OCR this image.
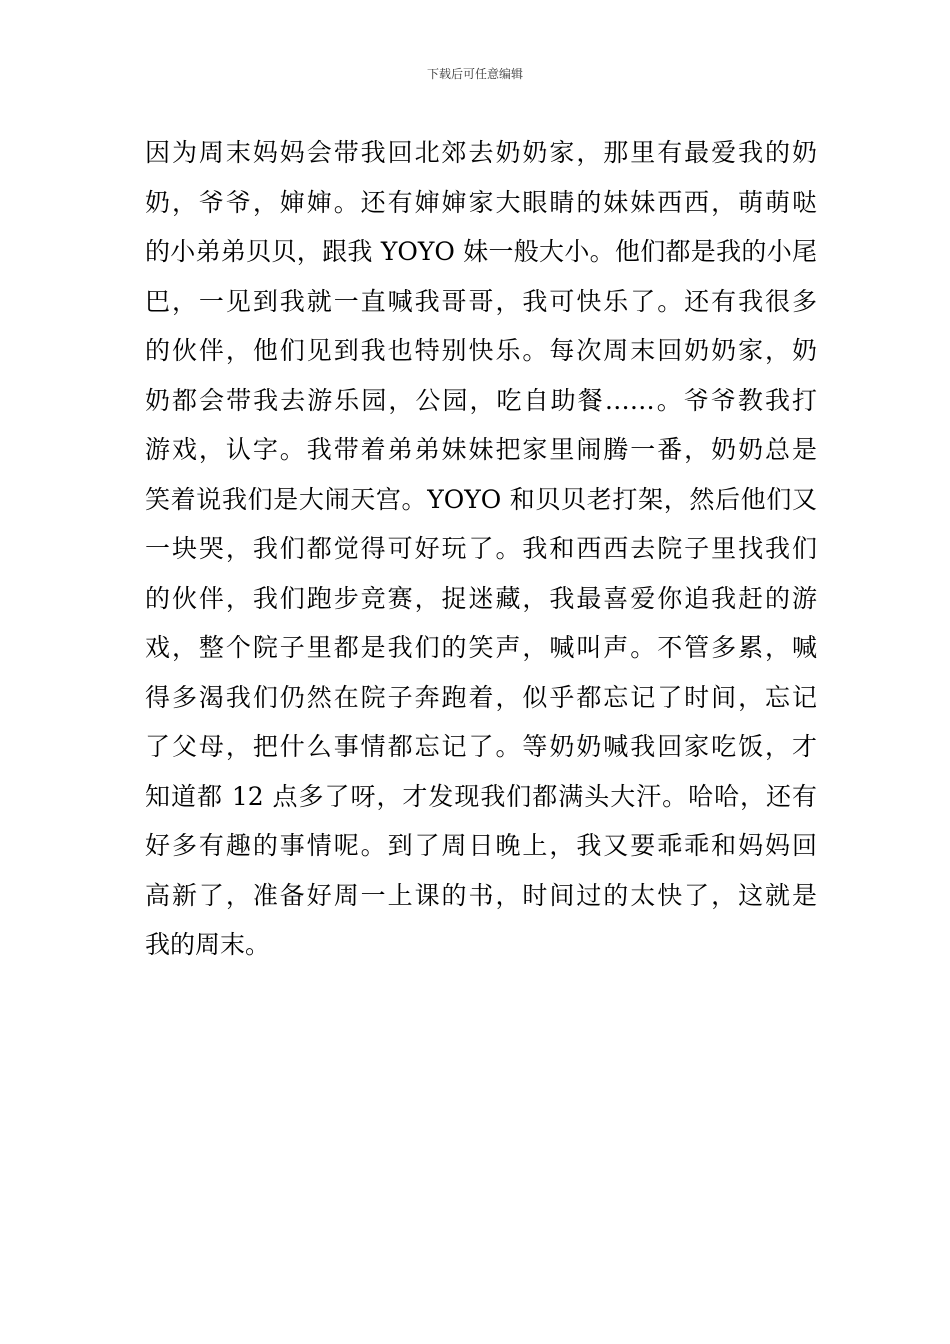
下载后可任意编辑
因为周末妈妈会带我回北郊去奶奶家，那里有最爱我的奶
奶，爷爷，婶婶。还有婶婶家大眼睛的妹妹西西，萌萌哒
的小弟弟贝贝，跟我 YOYO 妹一般大小。他们都是我的小尾
巴，一见到我就一直喊我哥哥，我可快乐了。还有我很多
的伙伴，他们见到我也特别快乐。每次周末回奶奶家，奶
奶都会带我去游乐园，公园，吃自助餐……。爷爷教我打
游戏，认字。我带着弟弟妹妹把家里闹腾一番，奶奶总是
笑着说我们是大闹天宫。YOYO 和贝贝老打架，然后他们又
一块哭，我们都觉得可好玩了。我和西西去院子里找我们
的伙伴，我们跑步竞赛，捉迷藏，我最喜爱你追我赶的游
戏，整个院子里都是我们的笑声，喊叫声。不管多累，喊
得多渴我们仍然在院子奔跑着，似乎都忘记了时间，忘记
了父母，把什么事情都忘记了。等奶奶喊我回家吃饭，才
知道都 12 点多了呀，才发现我们都满头大汗。哈哈，还有
好多有趣的事情呢。到了周日晚上，我又要乖乖和妈妈回
高新了，准备好周一上课的书，时间过的太快了，这就是
我的周末。
